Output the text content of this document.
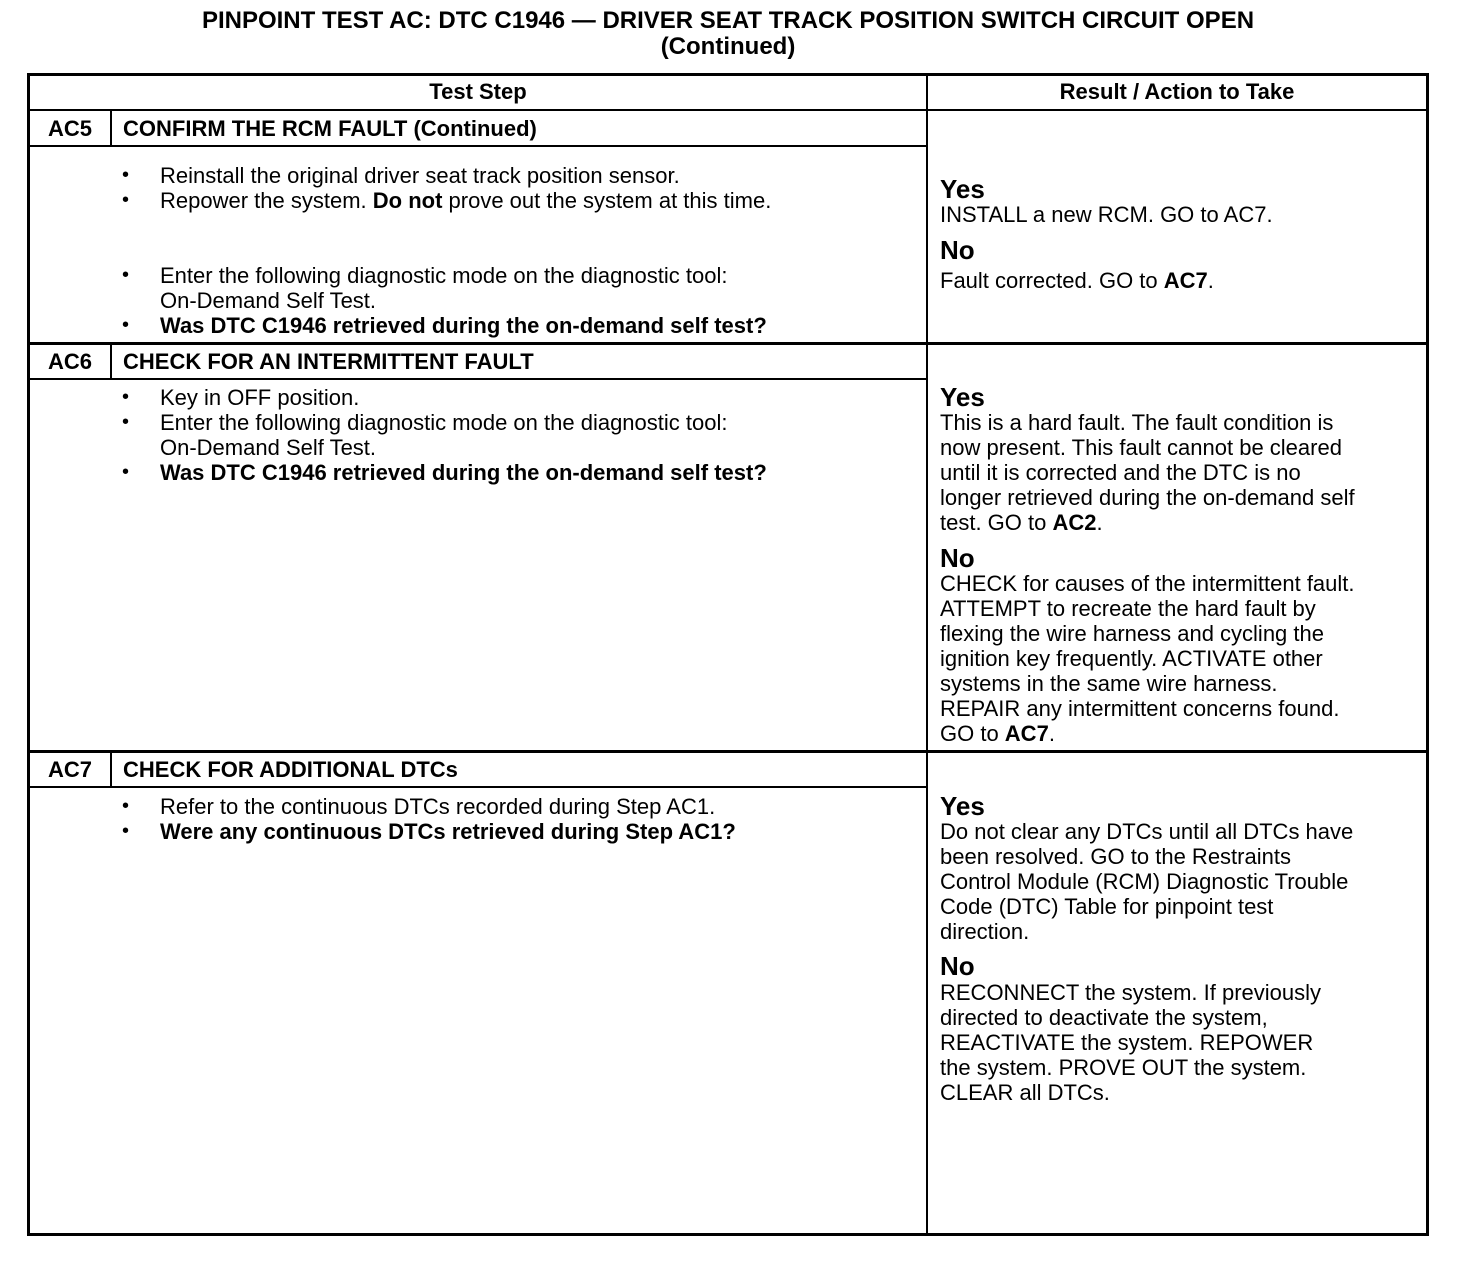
PINPOINT TEST AC: DTC C1946 — DRIVER SEAT TRACK POSITION SWITCH CIRCUIT OPEN
(Continued)
Test Step	Result / Action to Take
AC5	CONFIRM THE RCM FAULT (Continued)
• Reinstall the original driver seat track position sensor.
• Repower the system. Do not prove out the system at this time.
• Enter the following diagnostic mode on the diagnostic tool:
On-Demand Self Test.
• Was DTC C1946 retrieved during the on-demand self test?
Yes
INSTALL a new RCM. GO to AC7.
No
Fault corrected. GO to AC7.
AC6	CHECK FOR AN INTERMITTENT FAULT
• Key in OFF position.
• Enter the following diagnostic mode on the diagnostic tool:
On-Demand Self Test.
• Was DTC C1946 retrieved during the on-demand self test?
Yes
This is a hard fault. The fault condition is
now present. This fault cannot be cleared
until it is corrected and the DTC is no
longer retrieved during the on-demand self
test. GO to AC2.
No
CHECK for causes of the intermittent fault.
ATTEMPT to recreate the hard fault by
flexing the wire harness and cycling the
ignition key frequently. ACTIVATE other
systems in the same wire harness.
REPAIR any intermittent concerns found.
GO to AC7.
AC7	CHECK FOR ADDITIONAL DTCs
• Refer to the continuous DTCs recorded during Step AC1.
• Were any continuous DTCs retrieved during Step AC1?
Yes
Do not clear any DTCs until all DTCs have
been resolved. GO to the Restraints
Control Module (RCM) Diagnostic Trouble
Code (DTC) Table for pinpoint test
direction.
No
RECONNECT the system. If previously
directed to deactivate the system,
REACTIVATE the system. REPOWER
the system. PROVE OUT the system.
CLEAR all DTCs.
